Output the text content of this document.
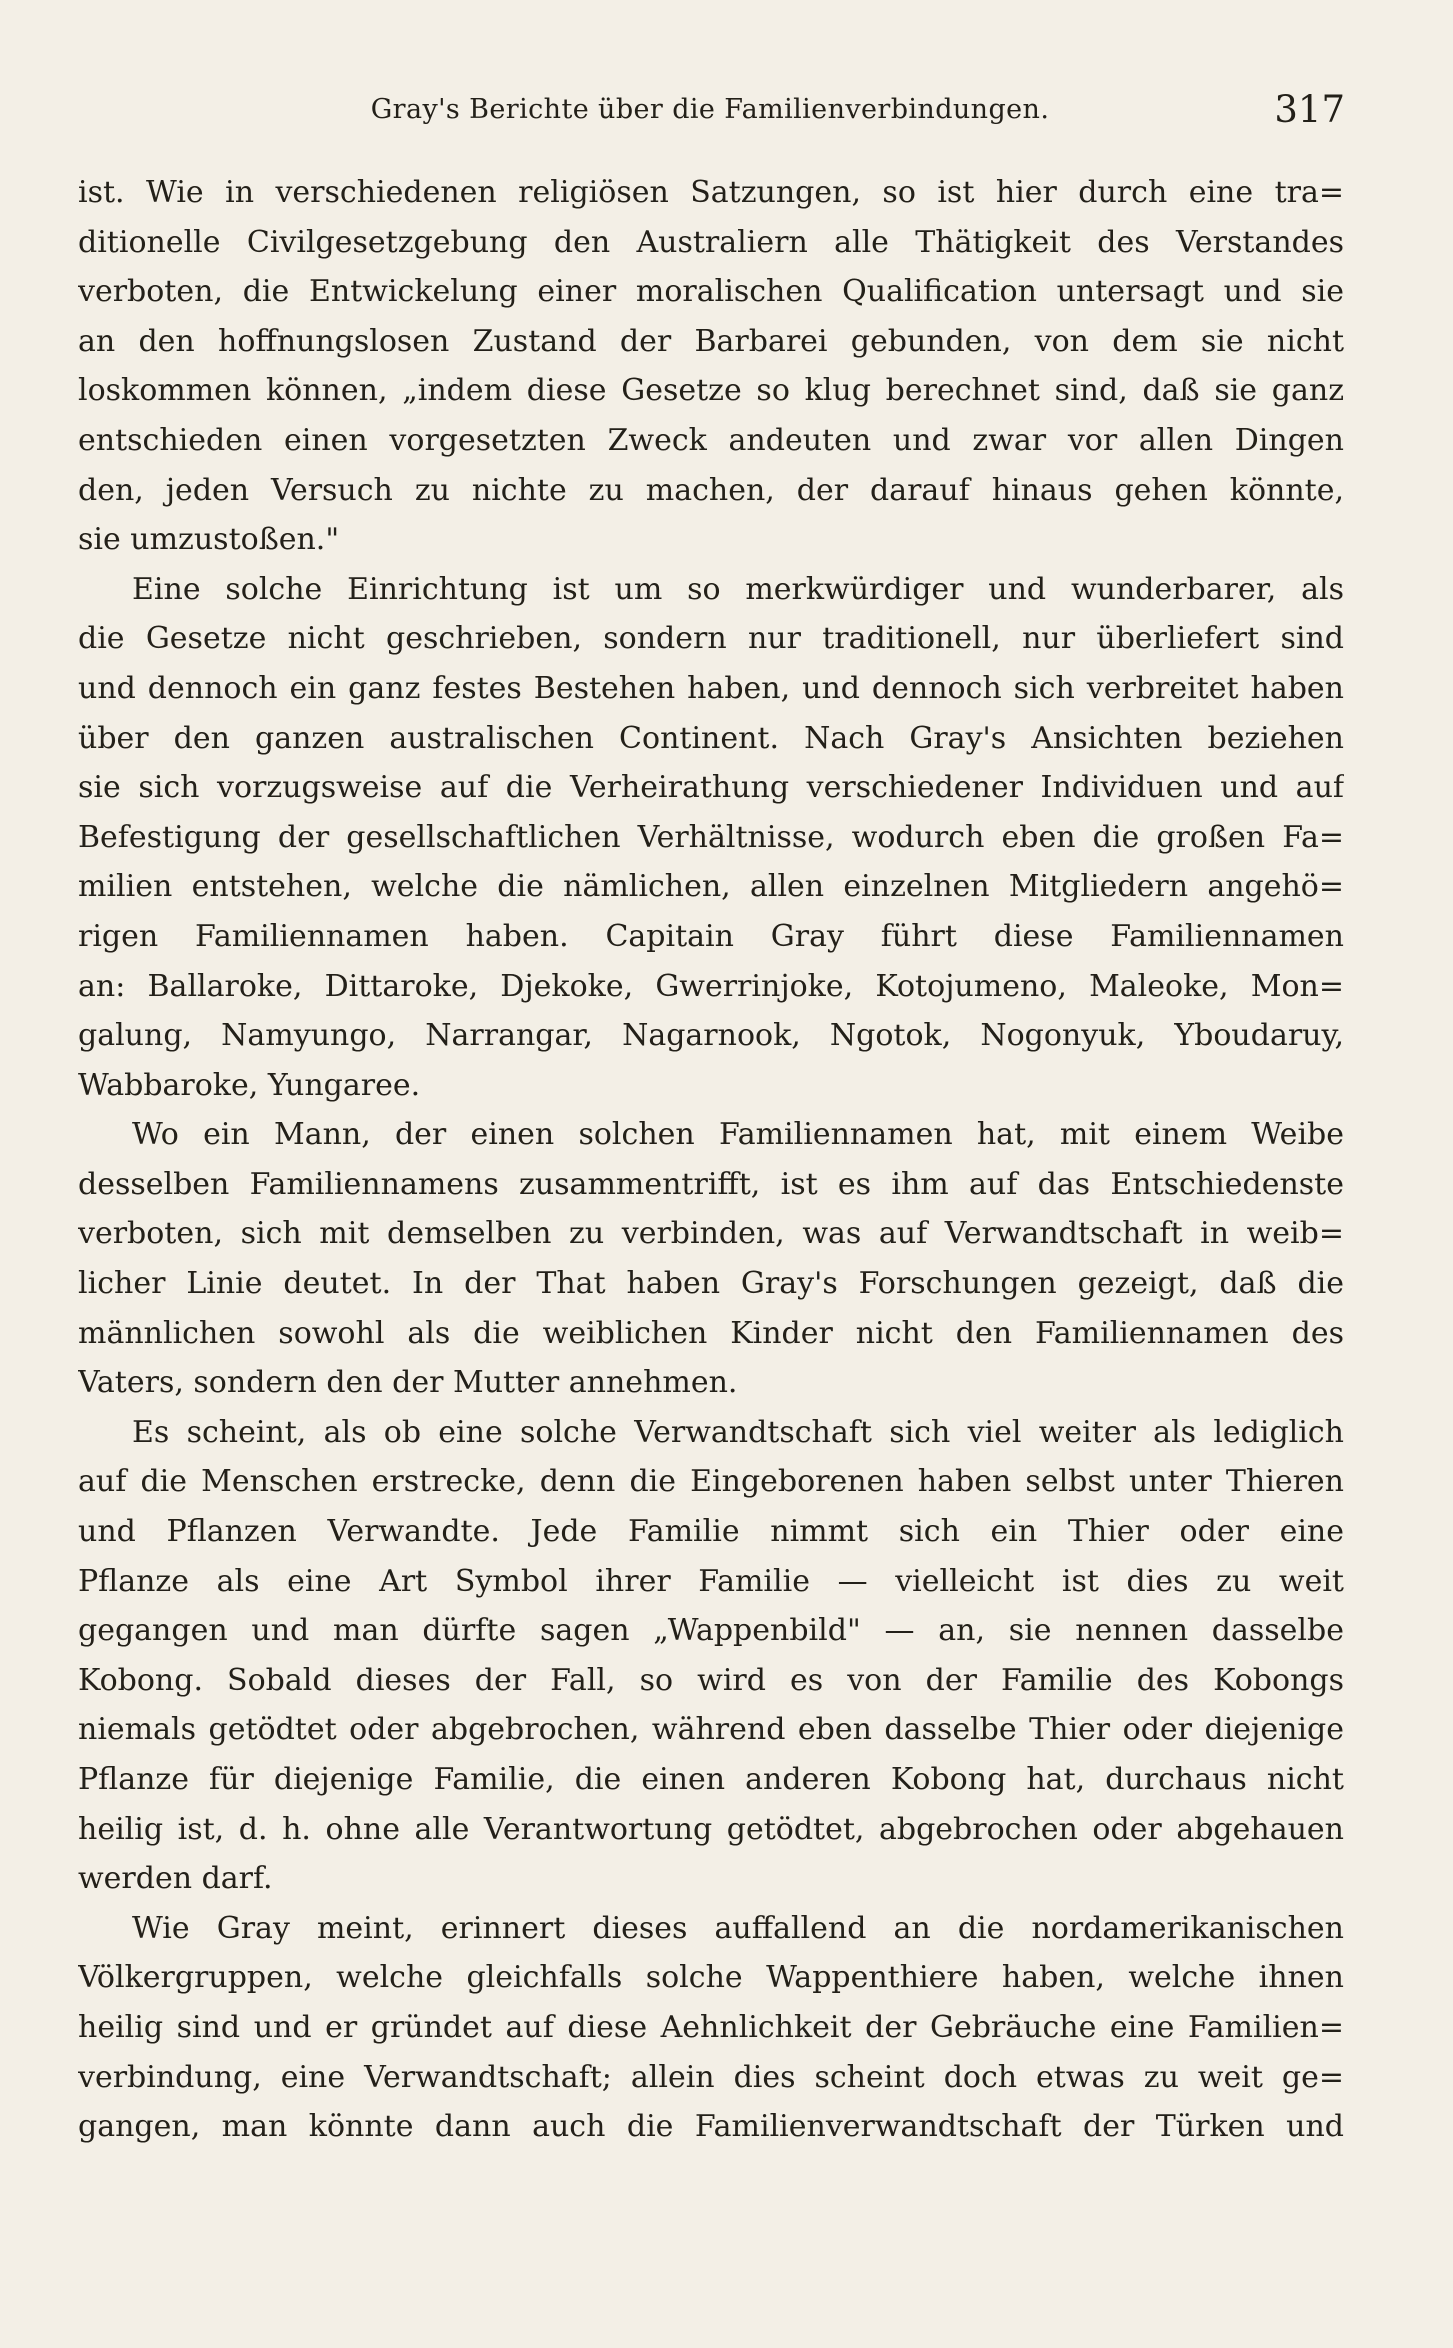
Gray's Berichte über die Familienverbindungen.	317
ist. Wie in verschiedenen religiösen Satzungen, so ist hier durch eine tra=
ditionelle Civilgesetzgebung den Australiern alle Thätigkeit des Verstandes
verboten, die Entwickelung einer moralischen Qualification untersagt und sie
an den hoffnungslosen Zustand der Barbarei gebunden, von dem sie nicht
loskommen können, „indem diese Gesetze so klug berechnet sind, daß sie ganz
entschieden einen vorgesetzten Zweck andeuten und zwar vor allen Dingen
den, jeden Versuch zu nichte zu machen, der darauf hinaus gehen könnte,
sie umzustoßen."
Eine solche Einrichtung ist um so merkwürdiger und wunderbarer, als
die Gesetze nicht geschrieben, sondern nur traditionell, nur überliefert sind
und dennoch ein ganz festes Bestehen haben, und dennoch sich verbreitet haben
über den ganzen australischen Continent. Nach Gray's Ansichten beziehen
sie sich vorzugsweise auf die Verheirathung verschiedener Individuen und auf
Befestigung der gesellschaftlichen Verhältnisse, wodurch eben die großen Fa=
milien entstehen, welche die nämlichen, allen einzelnen Mitgliedern angehö=
rigen Familiennamen haben. Capitain Gray führt diese Familiennamen
an: Ballaroke, Dittaroke, Djekoke, Gwerrinjoke, Kotojumeno, Maleoke, Mon=
galung, Namyungo, Narrangar, Nagarnook, Ngotok, Nogonyuk, Yboudaruy,
Wabbaroke, Yungaree.
Wo ein Mann, der einen solchen Familiennamen hat, mit einem Weibe
desselben Familiennamens zusammentrifft, ist es ihm auf das Entschiedenste
verboten, sich mit demselben zu verbinden, was auf Verwandtschaft in weib=
licher Linie deutet. In der That haben Gray's Forschungen gezeigt, daß die
männlichen sowohl als die weiblichen Kinder nicht den Familiennamen des
Vaters, sondern den der Mutter annehmen.
Es scheint, als ob eine solche Verwandtschaft sich viel weiter als lediglich
auf die Menschen erstrecke, denn die Eingeborenen haben selbst unter Thieren
und Pflanzen Verwandte. Jede Familie nimmt sich ein Thier oder eine
Pflanze als eine Art Symbol ihrer Familie — vielleicht ist dies zu weit
gegangen und man dürfte sagen „Wappenbild" — an, sie nennen dasselbe
Kobong. Sobald dieses der Fall, so wird es von der Familie des Kobongs
niemals getödtet oder abgebrochen, während eben dasselbe Thier oder diejenige
Pflanze für diejenige Familie, die einen anderen Kobong hat, durchaus nicht
heilig ist, d. h. ohne alle Verantwortung getödtet, abgebrochen oder abgehauen
werden darf.
Wie Gray meint, erinnert dieses auffallend an die nordamerikanischen
Völkergruppen, welche gleichfalls solche Wappenthiere haben, welche ihnen
heilig sind und er gründet auf diese Aehnlichkeit der Gebräuche eine Familien=
verbindung, eine Verwandtschaft; allein dies scheint doch etwas zu weit ge=
gangen, man könnte dann auch die Familienverwandtschaft der Türken und
